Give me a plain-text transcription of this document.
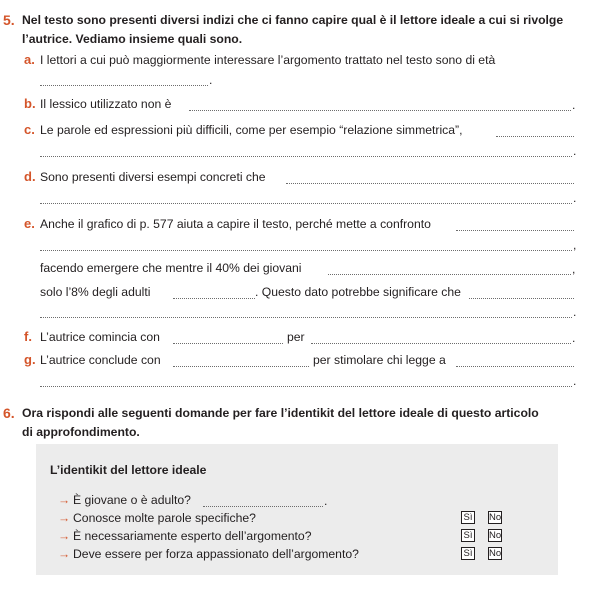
5. Nel testo sono presenti diversi indizi che ci fanno capire qual è il lettore ideale a cui si rivolge
l’autrice. Vediamo insieme quali sono.
a. I lettori a cui può maggiormente interessare l’argomento trattato nel testo sono di età
.
b. Il lessico utilizzato non è	.
c. Le parole ed espressioni più difficili, come per esempio “relazione simmetrica”,
.
d. Sono presenti diversi esempi concreti che
.
e. Anche il grafico di p. 577 aiuta a capire il testo, perché mette a confronto
,
facendo emergere che mentre il 40% dei giovani	,
solo l’8% degli adulti	. Questo dato potrebbe significare che
.
f. L’autrice comincia con	per	.
g. L’autrice conclude con	per stimolare chi legge a
.
6. Ora rispondi alle seguenti domande per fare l’identikit del lettore ideale di questo articolo
di approfondimento.
L’identikit del lettore ideale
→ È giovane o è adulto?	.
→ Conosce molte parole specifiche?	Sì No
→ È necessariamente esperto dell’argomento?	Sì No
→ Deve essere per forza appassionato dell’argomento?	Sì No
